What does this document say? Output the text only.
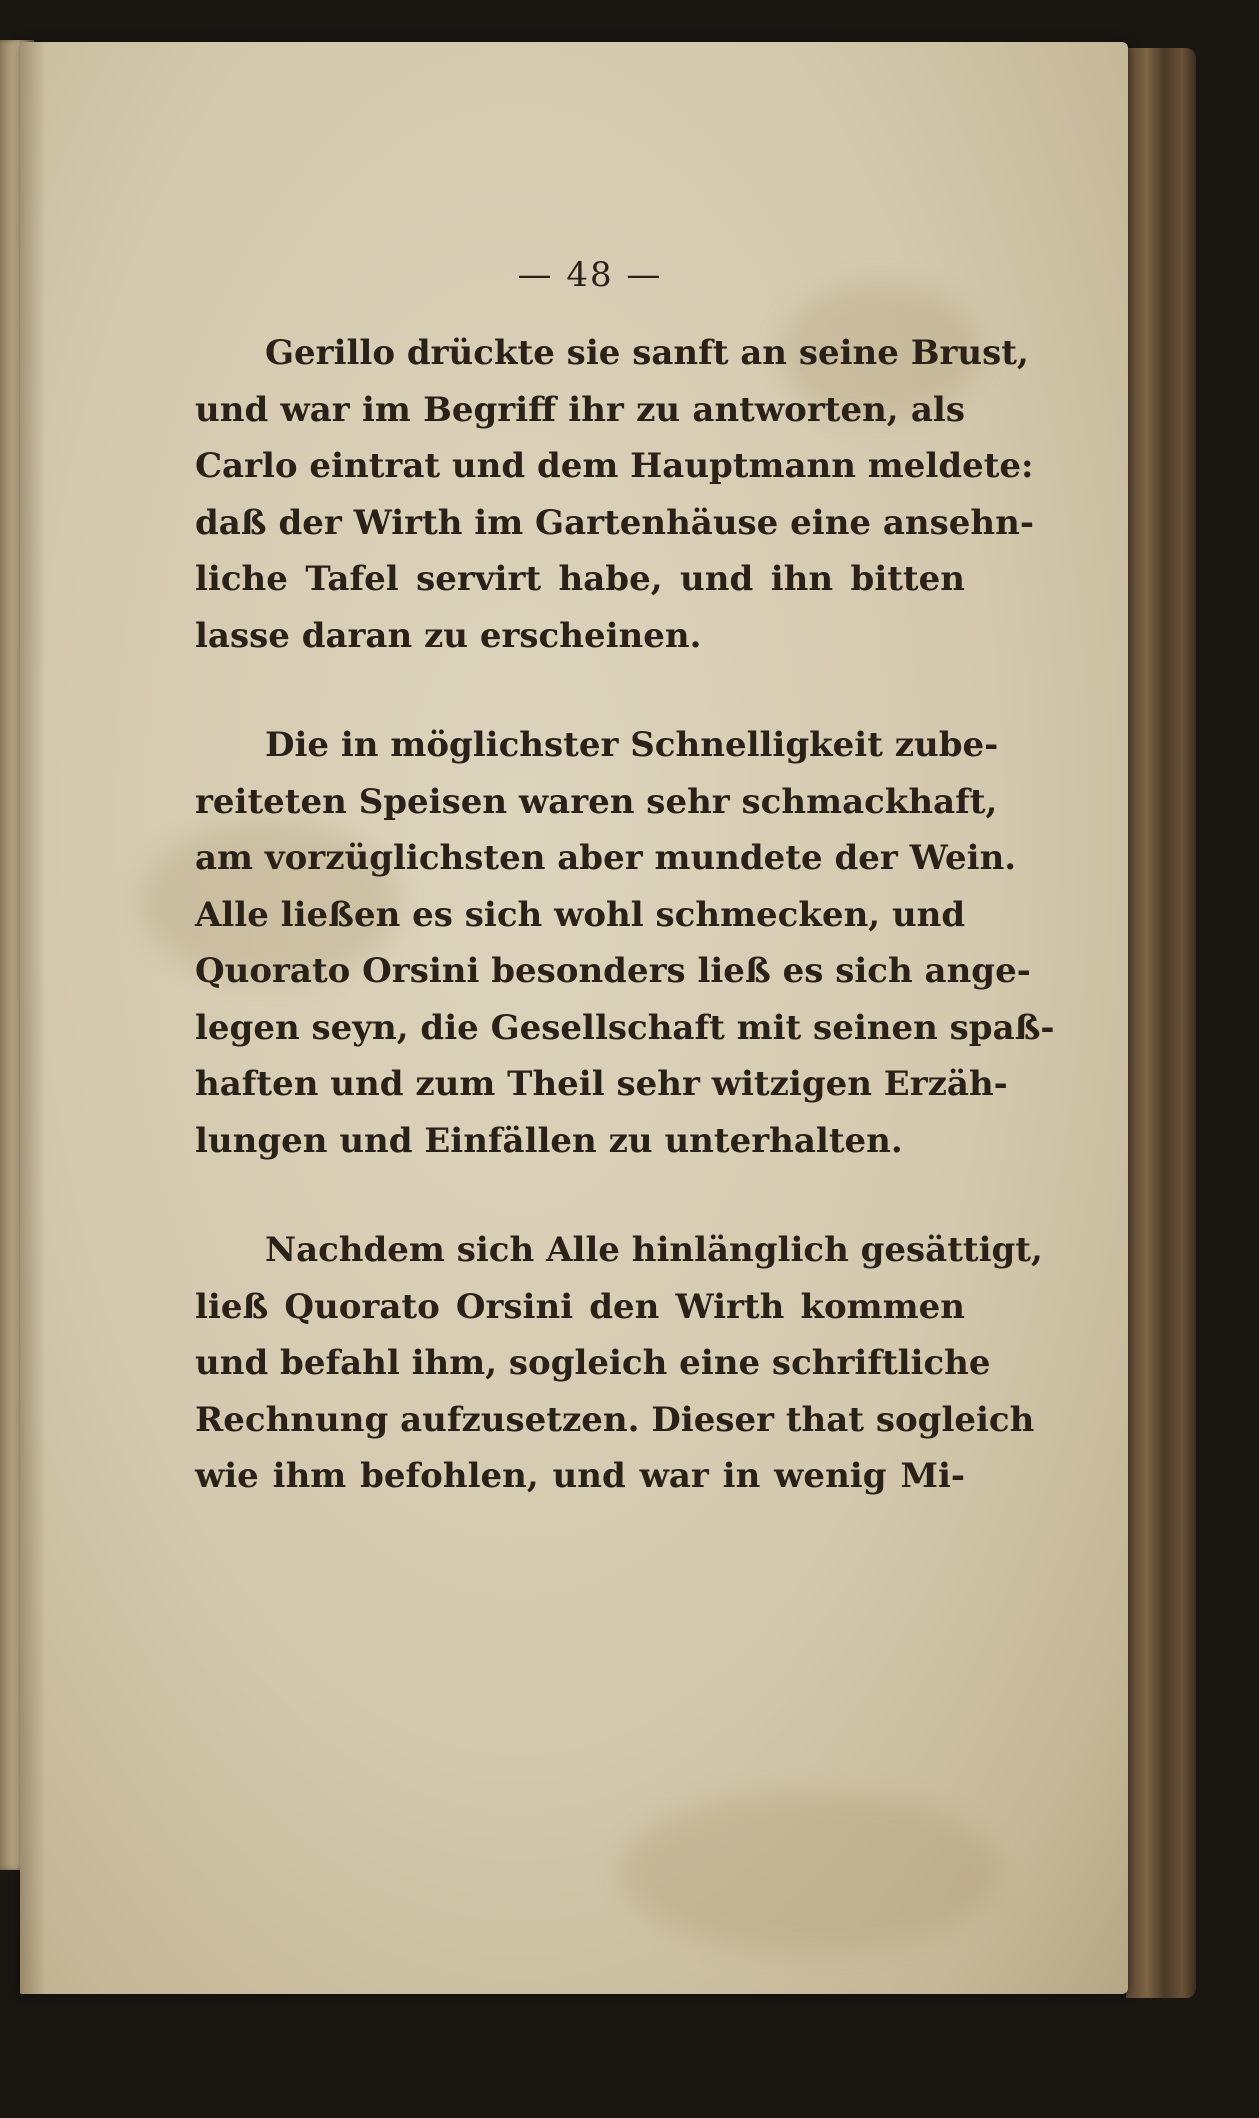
— 48 —
Gerillo drückte sie sanft an seine Brust,
und war im Begriff ihr zu antworten, als
Carlo eintrat und dem Hauptmann meldete:
daß der Wirth im Gartenhäuse eine ansehn-
liche Tafel servirt habe, und ihn bitten
lasse daran zu erscheinen.
Die in möglichster Schnelligkeit zube-
reiteten Speisen waren sehr schmackhaft,
am vorzüglichsten aber mundete der Wein.
Alle ließen es sich wohl schmecken, und
Quorato Orsini besonders ließ es sich ange-
legen seyn, die Gesellschaft mit seinen spaß-
haften und zum Theil sehr witzigen Erzäh-
lungen und Einfällen zu unterhalten.
Nachdem sich Alle hinlänglich gesättigt,
ließ Quorato Orsini den Wirth kommen
und befahl ihm, sogleich eine schriftliche
Rechnung aufzusetzen. Dieser that sogleich
wie ihm befohlen, und war in wenig Mi-
